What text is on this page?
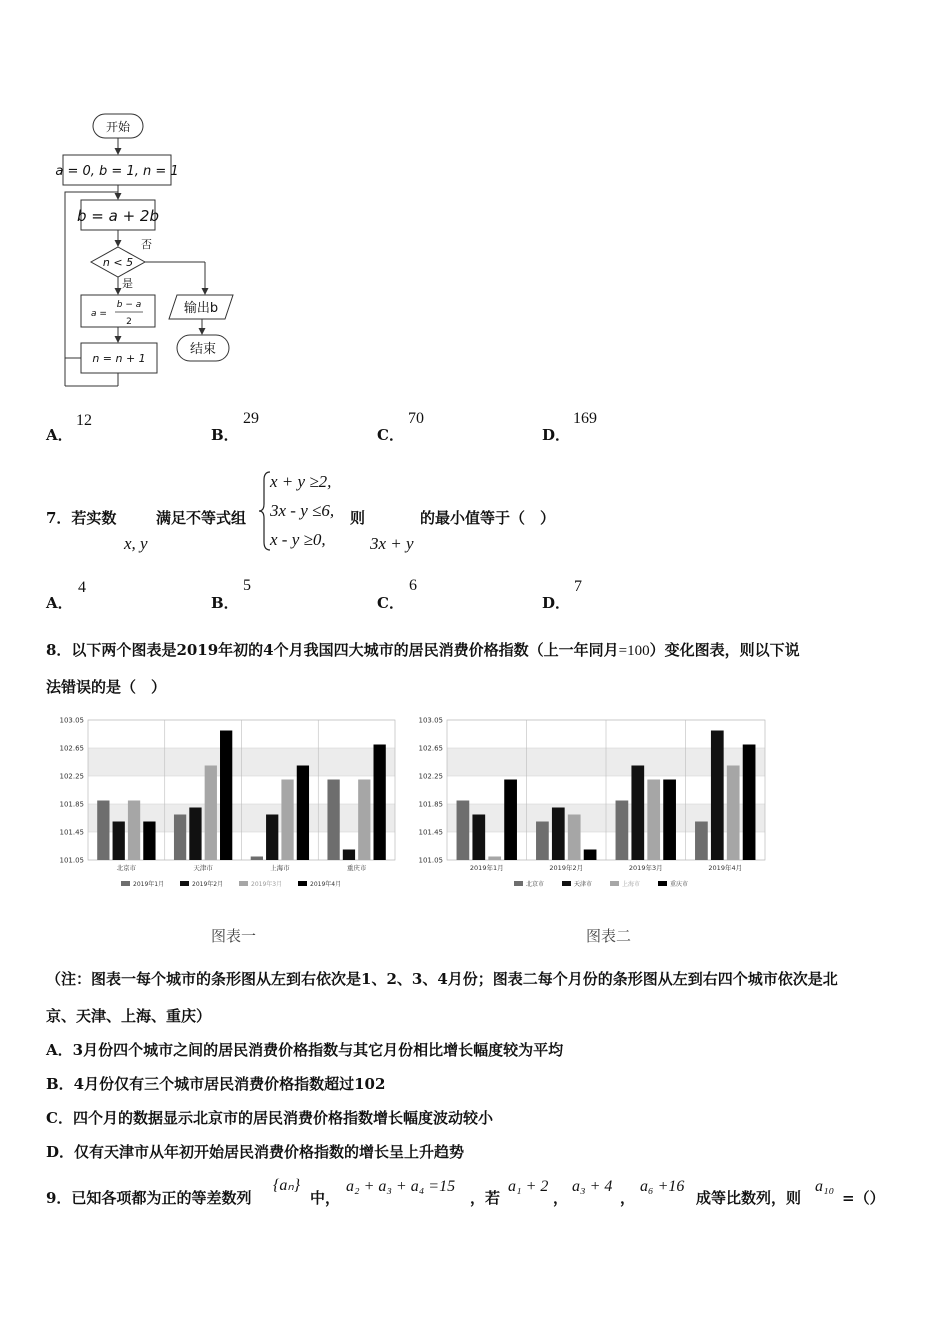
开始
a = 0, b = 1, n = 1
b = a + 2b
n < 5
否
是
a =
b − a
2
n = n + 1
输出b
结束
A．
12
B．
29
C．
70
D．
169
7．若实数
x, y
满足不等式组
x + y ≥2,
3x - y ≤6,
x - y ≥0,
则
3x + y
的最小值等于（　）
A．
4
B．
5
C．
6
D．
7
8．以下两个图表是2019年初的4个月我国四大城市的居民消费价格指数（上一年同月=100）变化图表，则以下说
法错误的是（　）
101.05
101.45
101.85
102.25
102.65
103.05
北京市	天津市	上海市	重庆市
2019年1月	2019年2月	2019年3月	2019年4月
101.05
101.45
101.85
102.25
102.65
103.05
2019年1月	2019年2月	2019年3月	2019年4月
北京市	天津市	上海市	重庆市
图表一	图表二
（注：图表一每个城市的条形图从左到右依次是1、2、3、4月份；图表二每个月份的条形图从左到右四个城市依次是北
京、天津、上海、重庆）
A．3月份四个城市之间的居民消费价格指数与其它月份相比增长幅度较为平均
B．4月份仅有三个城市居民消费价格指数超过102
C．四个月的数据显示北京市的居民消费价格指数增长幅度波动较小
D．仅有天津市从年初开始居民消费价格指数的增长呈上升趋势
9．已知各项都为正的等差数列
{aₙ}
中，
a₂ + a₃ + a₄ =15
，若
a₁ + 2
，
a₃ + 4
，
a₆ +16
成等比数列，则
a₁₀
=（）
